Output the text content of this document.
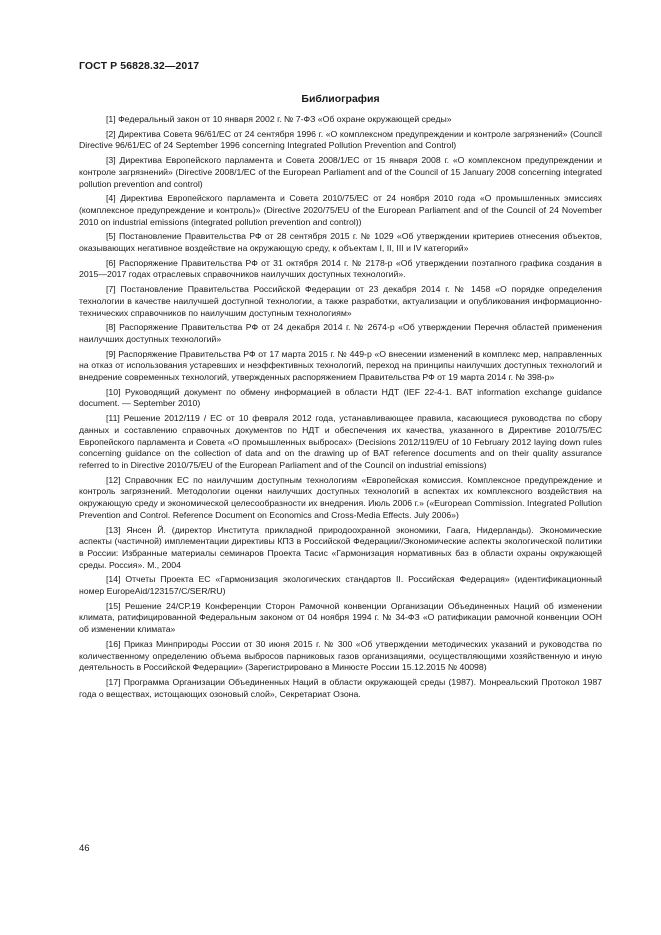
ГОСТ Р 56828.32—2017
Библиография

[1] Федеральный закон от 10 января 2002 г. № 7-ФЗ «Об охране окружающей среды»

[2] Директива Совета 96/61/ЕС от 24 сентября 1996 г. «О комплексном предупреждении и контроле загрязнений» (Council Directive 96/61/EC of 24 September 1996 concerning Integrated Pollution Prevention and Control)

[3] Директива Европейского парламента и Совета 2008/1/ЕС от 15 января 2008 г. «О комплексном предупреждении и контроле загрязнений» (Directive 2008/1/EC of the European Parliament and of the Council of 15 January 2008 concerning integrated pollution prevention and control)

[4] Директива Европейского парламента и Совета 2010/75/ЕС от 24 ноября 2010 года «О промышленных эмиссиях (комплексное предупреждение и контроль)» (Directive 2020/75/EU of the European Parliament and of the Council of 24 November 2010 on industrial emissions (integrated pollution prevention and control))

[5] Постановление Правительства РФ от 28 сентября 2015 г. № 1029 «Об утверждении критериев отнесения объектов, оказывающих негативное воздействие на окружающую среду, к объектам I, II, III и IV категорий»

[6] Распоряжение Правительства РФ от 31 октября 2014 г. № 2178-р «Об утверждении поэтапного графика создания в 2015—2017 годах отраслевых справочников наилучших доступных технологий».

[7] Постановление Правительства Российской Федерации от 23 декабря 2014 г. № 1458 «О порядке определения технологии в качестве наилучшей доступной технологии, а также разработки, актуализации и опубликования информационно-технических справочников по наилучшим доступным технологиям»

[8] Распоряжение Правительства РФ от 24 декабря 2014 г. № 2674-р «Об утверждении Перечня областей применения наилучших доступных технологий»

[9] Распоряжение Правительства РФ от 17 марта 2015 г. № 449-р «О внесении изменений в комплекс мер, направленных на отказ от использования устаревших и неэффективных технологий, переход на принципы наилучших доступных технологий и внедрение современных технологий, утвержденных распоряжением Правительства РФ от 19 марта 2014 г. № 398-р»

[10] Руководящий документ по обмену информацией в области НДТ (IEF 22-4-1. BAT information exchange guidance document. — September 2010)

[11] Решение 2012/119 / ЕС от 10 февраля 2012 года, устанавливающее правила, касающиеся руководства по сбору данных и составлению справочных документов по НДТ и обеспечения их качества, указанного в Директиве 2010/75/ЕС Европейского парламента и Совета «О промышленных выбросах» (Decisions 2012/119/EU of 10 February 2012 laying down rules concerning guidance on the collection of data and on the drawing up of BAT reference documents and on their quality assurance referred to in Directive 2010/75/EU of the European Parliament and of the Council on industrial emissions)

[12] Справочник ЕС по наилучшим доступным технологиям «Европейская комиссия. Комплексное предупреждение и контроль загрязнений. Методологии оценки наилучших доступных технологий в аспектах их комплексного воздействия на окружающую среду и экономической целесообразности их внедрения. Июль 2006 г.» («European Commission. Integrated Pollution Prevention and Control. Reference Document on Economics and Cross-Media Effects. July 2006»)

[13] Янсен Й. (директор Института прикладной природоохранной экономики, Гаага, Нидерланды). Экономические аспекты (частичной) имплементации директивы КПЗ в Российской Федерации//Экономические аспекты экологической политики в России: Избранные материалы семинаров Проекта Тасис «Гармонизация нормативных баз в области охраны окружающей среды. Россия». М., 2004

[14] Отчеты Проекта ЕС «Гармонизация экологических стандартов II. Российская Федерация» (идентификационный номер EuropeAid/123157/C/SER/RU)

[15] Решение 24/СР.19 Конференции Сторон Рамочной конвенции Организации Объединенных Наций об изменении климата, ратифицированной Федеральным законом от 04 ноября 1994 г. № 34-ФЗ «О ратификации рамочной конвенции ООН об изменении климата»

[16] Приказ Минприроды России от 30 июня 2015 г. № 300 «Об утверждении методических указаний и руководства по количественному определению объема выбросов парниковых газов организациями, осуществляющими хозяйственную и иную деятельность в Российской Федерации» (Зарегистрировано в Минюсте России 15.12.2015 № 40098)

[17] Программа Организации Объединенных Наций в области окружающей среды (1987). Монреальский Протокол 1987 года о веществах, истощающих озоновый слой», Секретариат Озона.

46
